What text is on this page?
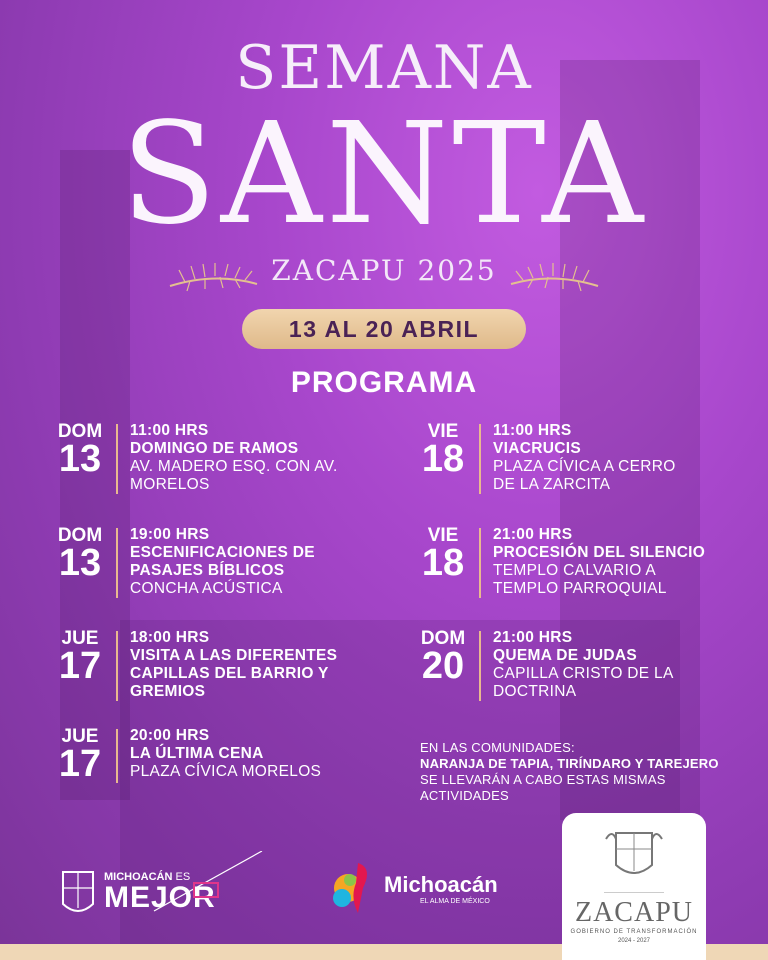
SEMANA
SANTA
ZACAPU 2025
13 AL 20 ABRIL
PROGRAMA
DOM
13
11:00 HRS
DOMINGO DE RAMOS
AV. MADERO ESQ. CON AV. MORELOS
DOM
13
19:00 HRS
ESCENIFICACIONES DE PASAJES BÍBLICOS
CONCHA ACÚSTICA
JUE
17
18:00 HRS
VISITA A LAS DIFERENTES CAPILLAS DEL BARRIO Y GREMIOS
JUE
17
20:00 HRS
LA ÚLTIMA CENA
PLAZA CÍVICA MORELOS
VIE
18
11:00 HRS
VIACRUCIS
PLAZA CÍVICA A CERRO DE LA ZARCITA
VIE
18
21:00 HRS
PROCESIÓN DEL SILENCIO
TEMPLO CALVARIO A TEMPLO PARROQUIAL
DOM
20
21:00 HRS
QUEMA DE JUDAS
CAPILLA CRISTO DE LA DOCTRINA
EN LAS COMUNIDADES:
NARANJA DE TAPIA, TIRÍNDARO Y TAREJERO SE LLEVARÁN A CABO ESTAS MISMAS ACTIVIDADES
MICHOACÁN ES
MEJOR	Michoacán
EL ALMA DE MÉXICO	ZACAPU
GOBIERNO DE TRANSFORMACIÓN
2024 - 2027
